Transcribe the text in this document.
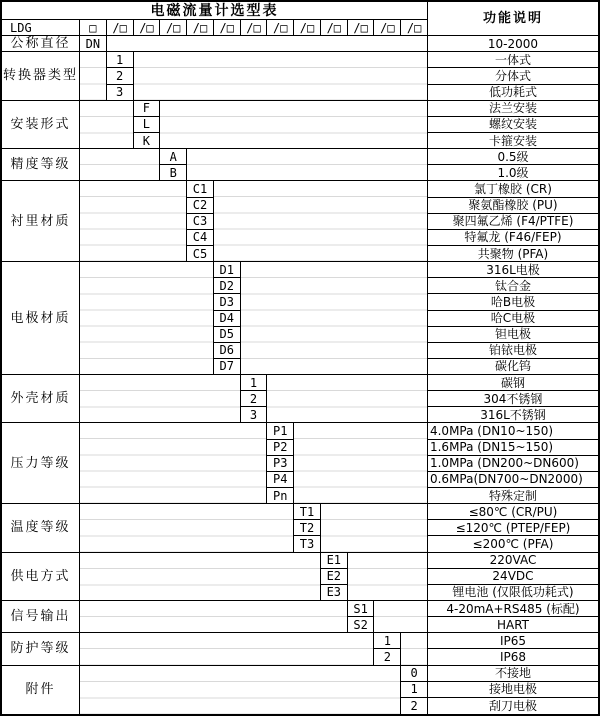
电磁流量计选型表
功能说明
LDG	□	/□	/□	/□	/□	/□	/□	/□	/□	/□	/□	/□	/□
公称直径	DN	10-2000
转换器类型
1	一体式
2	分体式
3	低功耗式
安装形式
F	法兰安装
L	螺纹安装
K	卡箍安装
精度等级
A	0.5级
B	1.0级
衬里材质
C1	氯丁橡胶 (CR)
C2	聚氨酯橡胶 (PU)
C3	聚四氟乙烯 (F4/PTFE)
C4	特氟龙 (F46/FEP)
C5	共聚物 (PFA)
电极材质
D1	316L电极
D2	钛合金
D3	哈B电极
D4	哈C电极
D5	钽电极
D6	铂铱电极
D7	碳化钨
外壳材质
1	碳钢
2	304不锈钢
3	316L不锈钢
压力等级
P1	4.0MPa (DN10~150)
P2	1.6MPa (DN15~150)
P3	1.0MPa (DN200~DN600)
P4	0.6MPa(DN700~DN2000)
Pn	特殊定制
温度等级
T1	≤80℃ (CR/PU)
T2	≤120℃ (PTEP/FEP)
T3	≤200℃ (PFA)
供电方式
E1	220VAC
E2	24VDC
E3	锂电池 (仅限低功耗式)
信号输出
S1	4-20mA+RS485 (标配)
S2	HART
防护等级
1	IP65
2	IP68
附件
0	不接地
1	接地电极
2	刮刀电极
